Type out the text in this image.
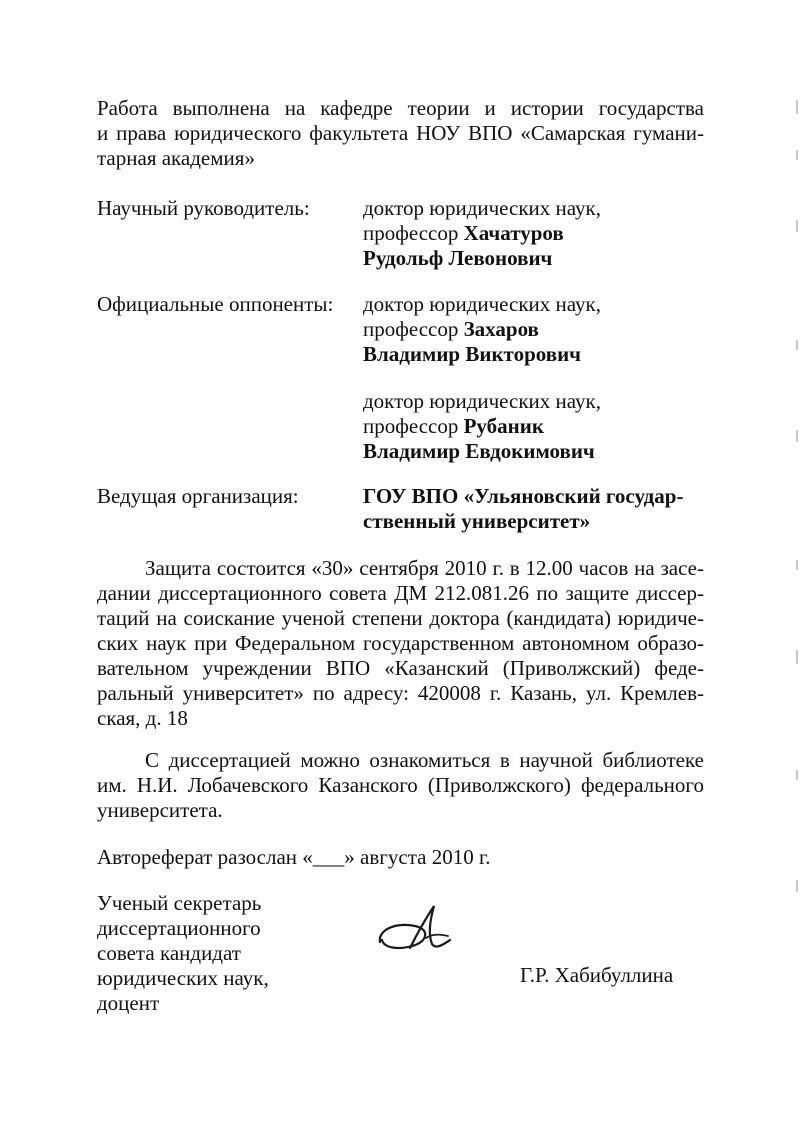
Работа выполнена на кафедре теории и истории государства
и права юридического факультета НОУ ВПО «Самарская гумани-
тарная академия»
Научный руководитель:	доктор юридических наук,
профессор Хачатуров
Рудольф Левонович
Официальные оппоненты: доктор юридических наук,
профессор Захаров
Владимир Викторович
доктор юридических наук,
профессор Рубаник
Владимир Евдокимович
Ведущая организация:	ГОУ ВПО «Ульяновский государ-
ственный университет»
Защита состоится «30» сентября 2010 г. в 12.00 часов на засе-
дании диссертационного совета ДМ 212.081.26 по защите диссер-
таций на соискание ученой степени доктора (кандидата) юридиче-
ских наук при Федеральном государственном автономном образо-
вательном учреждении ВПО «Казанский (Приволжский) феде-
ральный университет» по адресу: 420008 г. Казань, ул. Кремлев-
ская, д. 18
С диссертацией можно ознакомиться в научной библиотеке
им. Н.И. Лобачевского Казанского (Приволжского) федерального
университета.
Автореферат разослан «___» августа 2010 г.
Ученый секретарь
диссертационного
совета кандидат
юридических наук,
доцент
Г.Р. Хабибуллина
